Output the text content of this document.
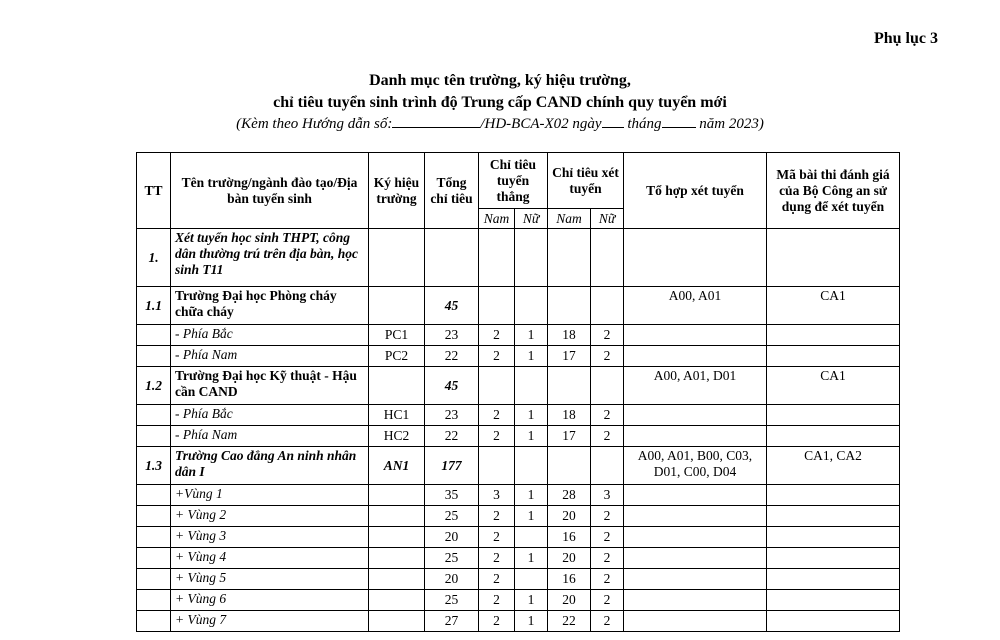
Phụ lục 3
Danh mục tên trường, ký hiệu trường,
chỉ tiêu tuyển sinh trình độ Trung cấp CAND chính quy tuyển mới
(Kèm theo Hướng dẫn số:	/HD-BCA-X02 ngày tháng	năm 2023)
TT	Tên trường/ngành đào tạo/Địa bàn tuyển sinh	Ký hiệu trường	Tổng chỉ tiêu	Chỉ tiêu tuyển thẳng		Chỉ tiêu xét tuyển		Tổ hợp xét tuyển	Mã bài thi đánh giá của Bộ Công an sử dụng để xét tuyển
				Nam	Nữ	Nam	Nữ		
1.	Xét tuyển học sinh THPT, công dân thường trú trên địa bàn, học sinh T11								
1.1	Trường Đại học Phòng cháy chữa cháy		45					A00, A01	CA1
	- Phía Bắc	PC1	23	2	1	18	2		
	- Phía Nam	PC2	22	2	1	17	2		
1.2	Trường Đại học Kỹ thuật - Hậu cần CAND		45					A00, A01, D01	CA1
	- Phía Bắc	HC1	23	2	1	18	2		
	- Phía Nam	HC2	22	2	1	17	2		
1.3	Trường Cao đẳng An ninh nhân dân I	AN1	177					A00, A01, B00, C03, D01, C00, D04	CA1, CA2
	+Vùng 1		35	3	1	28	3		
	+ Vùng 2		25	2	1	20	2		
	+ Vùng 3		20	2		16	2		
	+ Vùng 4		25	2	1	20	2		
	+ Vùng 5		20	2		16	2		
	+ Vùng 6		25	2	1	20	2		
	+ Vùng 7		27	2	1	22	2		
